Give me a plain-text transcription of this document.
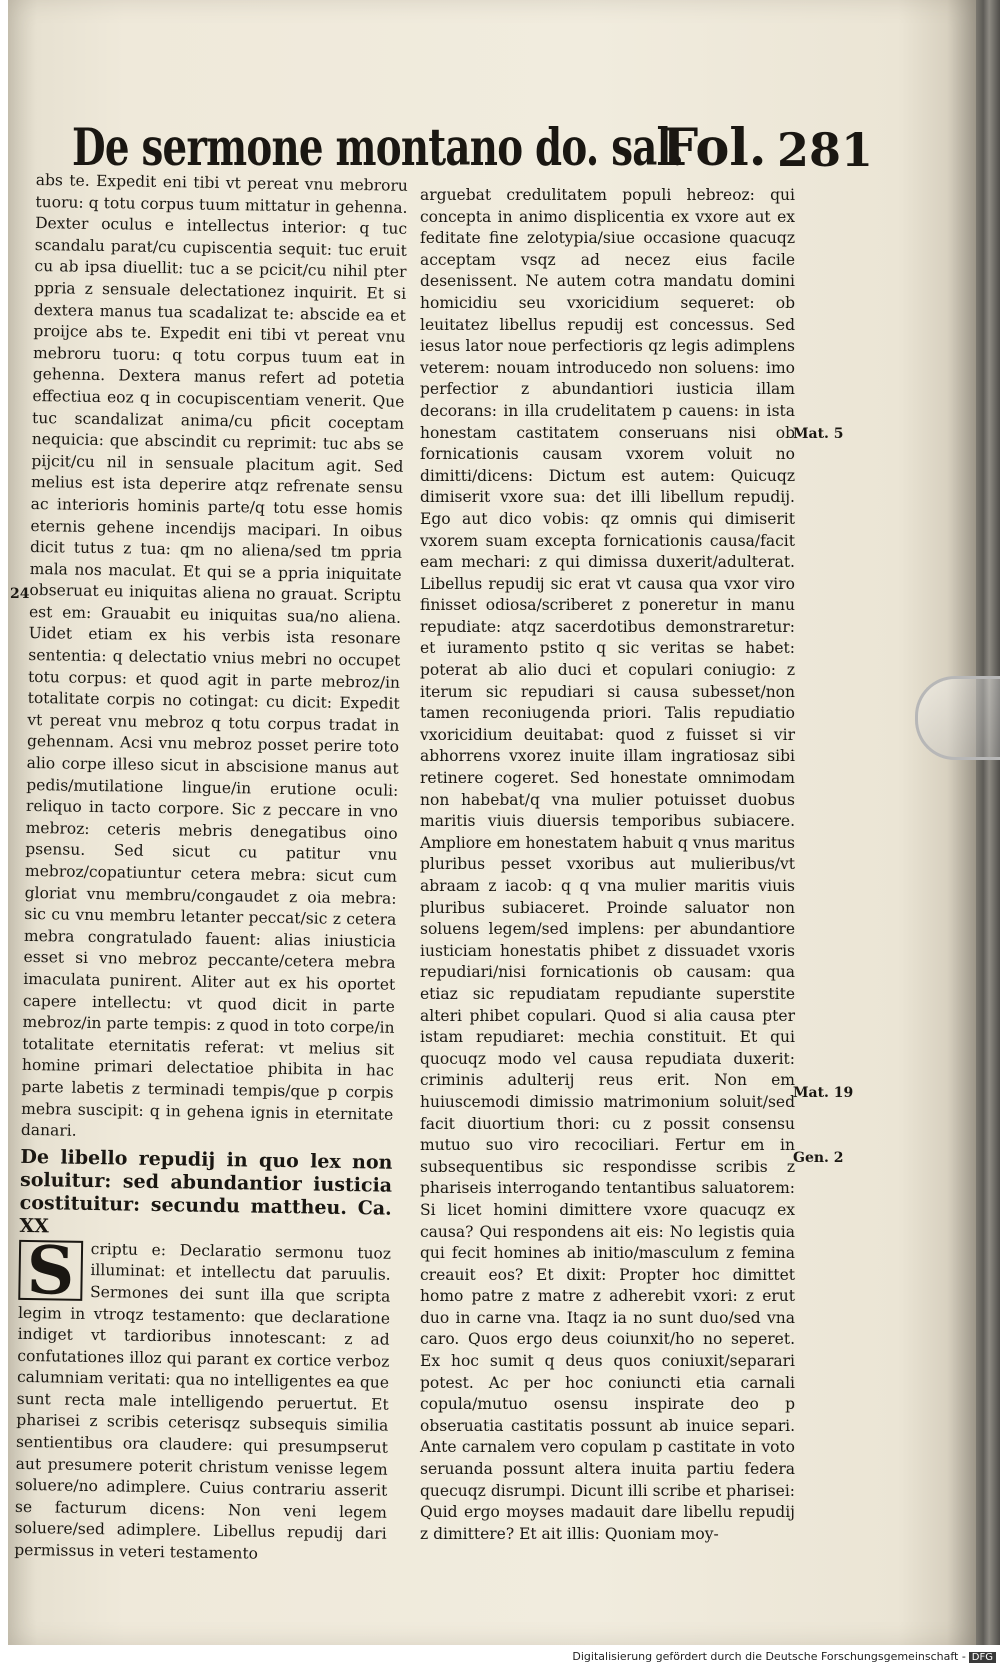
De sermone montano do. sal.
Fol. 281

abs te. Expedit eni tibi vt pereat vnu mebroru tuoru: q totu corpus tuum mittatur in gehenna. Dexter oculus e intellectus interior: q tuc scandalu parat/cu cupiscentia sequit: tuc eruit cu ab ipsa diuellit: tuc a se pcicit/cu nihil pter ppria z sensuale delectationez inquirit. Et si dextera manus tua scadalizat te: abscide ea et proijce abs te. Expedit eni tibi vt pereat vnu mebroru tuoru: q totu corpus tuum eat in gehenna. Dextera manus refert ad potetia effectiua eoz q in cocupiscentiam venerit. Que tuc scandalizat anima/cu pficit coceptam nequicia: que abscindit cu reprimit: tuc abs se pijcit/cu nil in sensuale placitum agit. Sed melius est ista deperire atqz refrenate sensu ac interioris hominis parte/q totu esse homis eternis gehene incendijs macipari. In oibus dicit tutus z tua: qm no aliena/sed tm ppria mala nos maculat. Et qui se a ppria iniquitate obseruat eu iniquitas aliena no grauat. Scriptu est em: Grauabit eu iniquitas sua/no aliena. Uidet etiam ex his verbis ista resonare sententia: q delectatio vnius mebri no occupet totu corpus: et quod agit in parte mebroz/in totalitate corpis no cotingat: cu dicit: Expedit vt pereat vnu mebroz q totu corpus tradat in gehennam. Acsi vnu mebroz posset perire toto alio corpe illeso sicut in abscisione manus aut pedis/mutilatione lingue/in erutione oculi: reliquo in tacto corpore. Sic z peccare in vno mebroz: ceteris mebris denegatibus oino psensu. Sed sicut cu patitur vnu mebroz/copatiuntur cetera mebra: sicut cum gloriat vnu membru/congaudet z oia mebra: sic cu vnu membru letanter peccat/sic z cetera mebra congratulado fauent: alias iniusticia esset si vno mebroz peccante/cetera mebra imaculata punirent. Aliter aut ex his oportet capere intellectu: vt quod dicit in parte mebroz/in parte tempis: z quod in toto corpe/in totalitate eternitatis referat: vt melius sit homine primari delectatioe phibita in hac parte labetis z terminadi tempis/que p corpis mebra suscipit: q in gehena ignis in eternitate danari.

De libello repudij in quo lex non soluitur: sed abundantior iusticia costituitur: secundu mattheu. Ca. XX

S	criptu e: Declaratio sermonu tuoz illuminat: et intellectu dat paruulis. Sermones dei sunt illa que scripta legim in vtroqz testamento: que declaratione indiget vt tardioribus innotescant: z ad confutationes illoz qui parant ex cortice verboz calumniam veritati: qua no intelligentes ea que sunt recta male intelligendo peruertut. Et pharisei z scribis ceterisqz subsequis similia sentientibus ora claudere: qui presumpserut aut presumere poterit christum venisse legem soluere/no adimplere. Cuius contrariu asserit se facturum dicens: Non veni legem soluere/sed adimplere. Libellus repudij dari permissus in veteri testamento

arguebat credulitatem populi hebreoz: qui concepta in animo displicentia ex vxore aut ex feditate fine zelotypia/siue occasione quacuqz acceptam vsqz ad necez eius facile desenissent. Ne autem cotra mandatu domini homicidiu seu vxoricidium sequeret: ob leuitatez libellus repudij est concessus. Sed iesus lator noue perfectioris qz legis adimplens veterem: nouam introducedo non soluens: imo perfectior z abundantiori iusticia illam decorans: in illa crudelitatem p cauens: in ista honestam castitatem conseruans nisi ob fornicationis causam vxorem voluit no dimitti/dicens: Dictum est autem: Quicuqz dimiserit vxore sua: det illi libellum repudij. Ego aut dico vobis: qz omnis qui dimiserit vxorem suam excepta fornicationis causa/facit eam mechari: z qui dimissa duxerit/adulterat. Libellus repudij sic erat vt causa qua vxor viro finisset odiosa/scriberet z poneretur in manu repudiate: atqz sacerdotibus demonstraretur: et iuramento pstito q sic veritas se habet: poterat ab alio duci et copulari coniugio: z iterum sic repudiari si causa subesset/non tamen reconiugenda priori. Talis repudiatio vxoricidium deuitabat: quod z fuisset si vir abhorrens vxorez inuite illam ingratiosaz sibi retinere cogeret. Sed honestate omnimodam non habebat/q vna mulier potuisset duobus maritis viuis diuersis temporibus subiacere. Ampliore em honestatem habuit q vnus maritus pluribus pesset vxoribus aut mulieribus/vt abraam z iacob: q q vna mulier maritis viuis pluribus subiaceret. Proinde saluator non soluens legem/sed implens: per abundantiore iusticiam honestatis phibet z dissuadet vxoris repudiari/nisi fornicationis ob causam: qua etiaz sic repudiatam repudiante superstite alteri phibet copulari. Quod si alia causa pter istam repudiaret: mechia constituit. Et qui quocuqz modo vel causa repudiata duxerit: criminis adulterij reus erit. Non em huiuscemodi dimissio matrimonium soluit/sed facit diuortium thori: cu z possit consensu mutuo suo viro recociliari. Fertur em in subsequentibus sic respondisse scribis z phariseis interrogando tentantibus saluatorem: Si licet homini dimittere vxore quacuqz ex causa? Qui respondens ait eis: No legistis quia qui fecit homines ab initio/masculum z femina creauit eos? Et dixit: Propter hoc dimittet homo patre z matre z adherebit vxori: z erut duo in carne vna. Itaqz ia no sunt duo/sed vna caro. Quos ergo deus coiunxit/ho no seperet. Ex hoc sumit q deus quos coniuxit/separari potest. Ac per hoc coniuncti etia carnali copula/mutuo osensu inspirate deo p obseruatia castitatis possunt ab inuice separi. Ante carnalem vero copulam p castitate in voto seruanda possunt altera inuita partiu federa quecuqz disrumpi. Dicunt illi scribe et pharisei: Quid ergo moyses madauit dare libellu repudij z dimittere? Et ait illis: Quoniam moy-

24
Mat. 5
Mat. 19
Gen. 2
Digitalisierung gefördert durch die Deutsche Forschungsgemeinschaft - DFG
